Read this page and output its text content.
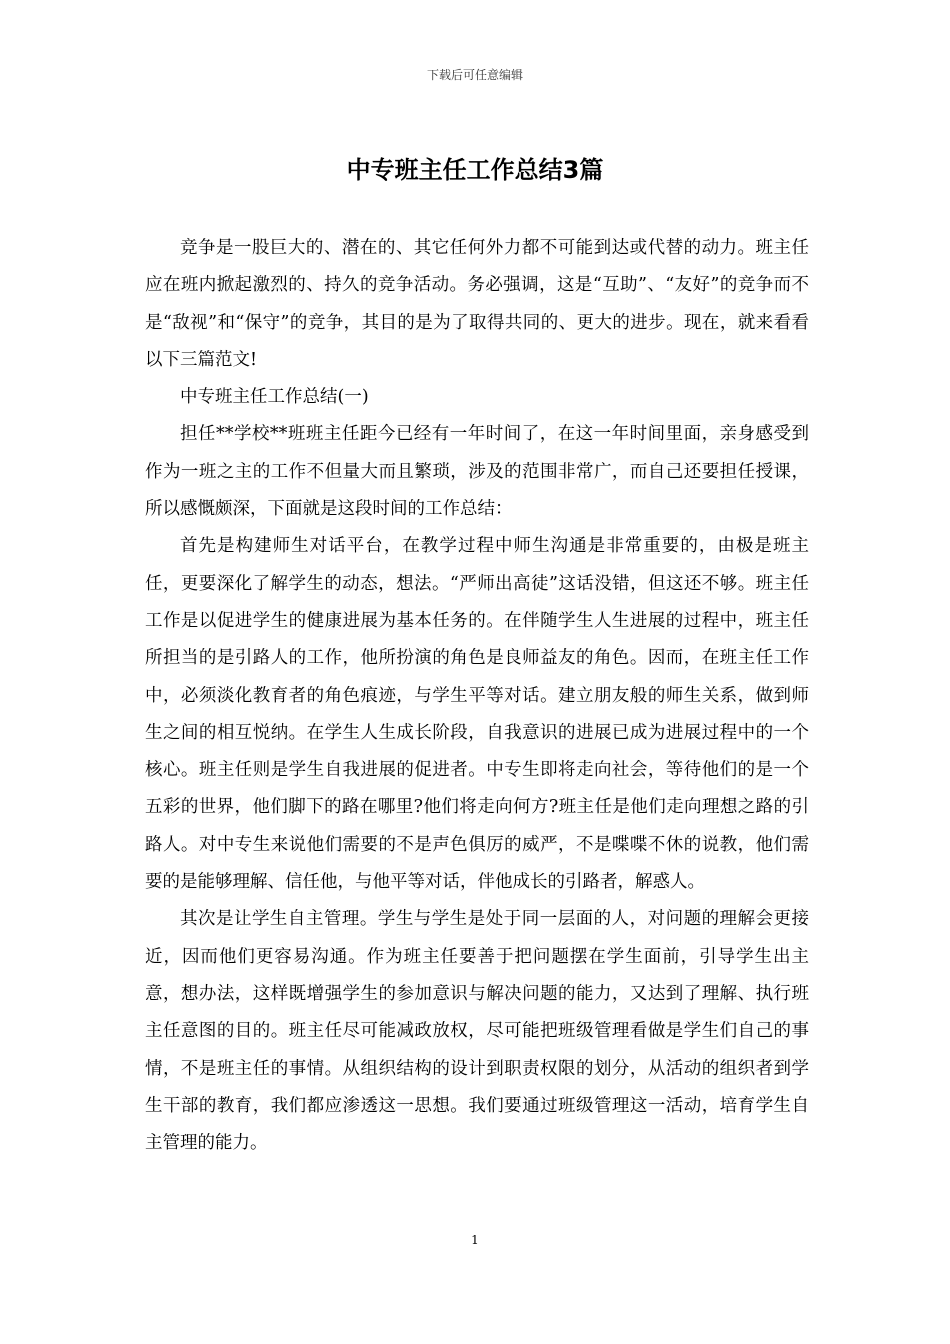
下载后可任意编辑
中专班主任工作总结3篇

竞争是一股巨大的、潜在的、其它任何外力都不可能到达或代替的动力。班主任应在班内掀起激烈的、持久的竞争活动。务必强调，这是“互助”、“友好”的竞争而不是“敌视”和“保守”的竞争，其目的是为了取得共同的、更大的进步。现在，就来看看以下三篇范文!

中专班主任工作总结(一)

担任**学校**班班主任距今已经有一年时间了，在这一年时间里面，亲身感受到作为一班之主的工作不但量大而且繁琐，涉及的范围非常广，而自己还要担任授课，所以感慨颇深，下面就是这段时间的工作总结：

首先是构建师生对话平台，在教学过程中师生沟通是非常重要的，由极是班主任，更要深化了解学生的动态，想法。“严师出高徒”这话没错，但这还不够。班主任工作是以促进学生的健康进展为基本任务的。在伴随学生人生进展的过程中，班主任所担当的是引路人的工作，他所扮演的角色是良师益友的角色。因而，在班主任工作中，必须淡化教育者的角色痕迹，与学生平等对话。建立朋友般的师生关系，做到师生之间的相互悦纳。在学生人生成长阶段，自我意识的进展已成为进展过程中的一个核心。班主任则是学生自我进展的促进者。中专生即将走向社会，等待他们的是一个五彩的世界，他们脚下的路在哪里?他们将走向何方?班主任是他们走向理想之路的引路人。对中专生来说他们需要的不是声色俱厉的威严，不是喋喋不休的说教，他们需要的是能够理解、信任他，与他平等对话，伴他成长的引路者，解惑人。

其次是让学生自主管理。学生与学生是处于同一层面的人，对问题的理解会更接近，因而他们更容易沟通。作为班主任要善于把问题摆在学生面前，引导学生出主意，想办法，这样既增强学生的参加意识与解决问题的能力，又达到了理解、执行班主任意图的目的。班主任尽可能减政放权，尽可能把班级管理看做是学生们自己的事情，不是班主任的事情。从组织结构的设计到职责权限的划分，从活动的组织者到学生干部的教育，我们都应渗透这一思想。我们要通过班级管理这一活动，培育学生自主管理的能力。

1
